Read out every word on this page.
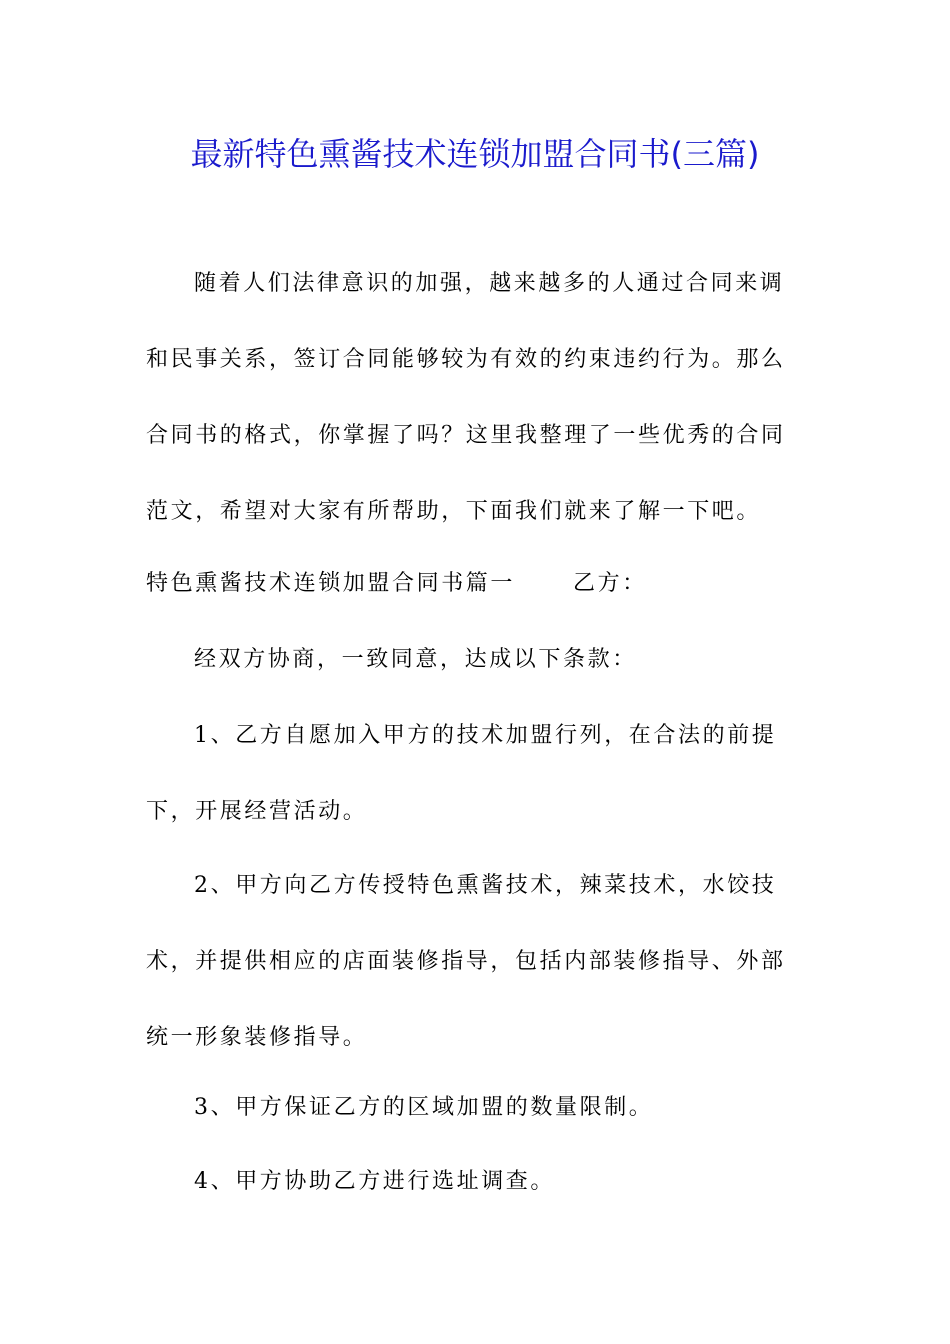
最新特色熏酱技术连锁加盟合同书(三篇)

随着人们法律意识的加强，越来越多的人通过合同来调和民事关系，签订合同能够较为有效的约束违约行为。那么合同书的格式，你掌握了吗？这里我整理了一些优秀的合同范文，希望对大家有所帮助，下面我们就来了解一下吧。

特色熏酱技术连锁加盟合同书篇一	乙方：

经双方协商，一致同意，达成以下条款：

1、乙方自愿加入甲方的技术加盟行列，在合法的前提下，开展经营活动。

2、甲方向乙方传授特色熏酱技术，辣菜技术，水饺技术，并提供相应的店面装修指导，包括内部装修指导、外部统一形象装修指导。

3、甲方保证乙方的区域加盟的数量限制。

4、甲方协助乙方进行选址调查。
